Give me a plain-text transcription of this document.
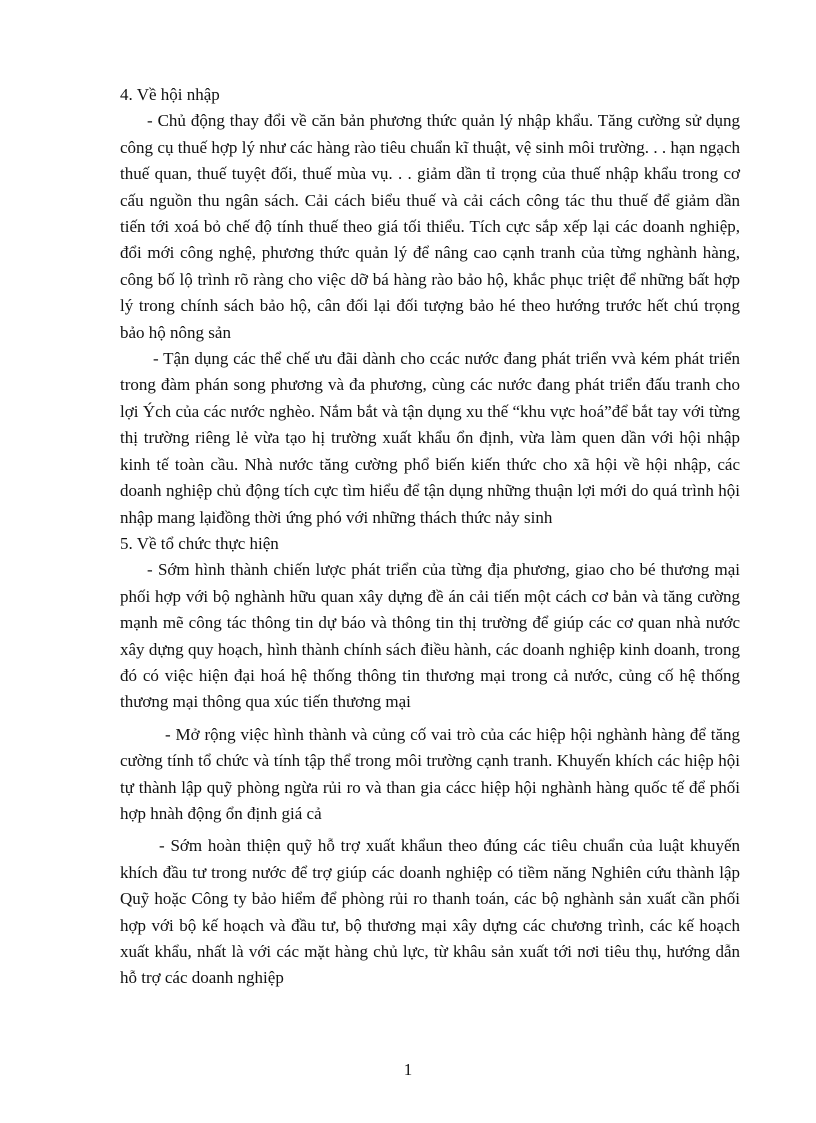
4. Về hội nhập

- Chủ động thay đổi về căn bản phương thức quản lý nhập khẩu. Tăng cường sử dụng công cụ thuế hợp lý như các hàng rào tiêu chuẩn kĩ thuật, vệ sinh môi trường. . . hạn ngạch thuế quan, thuế tuyệt đối, thuế mùa vụ. . . giảm dần tỉ trọng của thuế nhập khẩu trong cơ cấu nguồn thu ngân sách. Cải cách biểu thuế và cải cách công tác thu thuế để giảm dần tiến tới xoá bỏ chế độ tính thuế theo giá tối thiểu. Tích cực sắp xếp lại các doanh nghiệp, đổi mới công nghệ, phương thức quản lý để nâng cao cạnh tranh của từng nghành hàng, công bố lộ trình rõ ràng cho việc dỡ bá hàng rào bảo hộ, khắc phục triệt để những bất hợp lý trong chính sách bảo hộ, cân đối lại đối tượng bảo hé theo hướng trước hết chú trọng bảo hộ nông sản

- Tận dụng các thể chế ưu đãi dành cho ccác nước đang phát triển vvà kém phát triển trong đàm phán song phương và đa phương, cùng các nước đang phát triển đấu tranh cho lợi Ých của các nước nghèo. Nắm bắt và tận dụng xu thế “khu vực hoá”để bắt tay với từng thị trường riêng lẻ vừa tạo hị trường xuất khẩu ổn định, vừa làm quen dần với hội nhập kinh tế toàn cầu. Nhà nước tăng cường phổ biến kiến thức cho xã hội về hội nhập, các doanh nghiệp chủ động tích cực tìm hiểu để tận dụng những thuận lợi mới do quá trình hội nhập mang lạiđồng thời ứng phó với những thách thức nảy sinh

5. Về tổ chức thực hiện

- Sớm hình thành chiến lược phát triển của từng địa phương, giao cho bé thương mại phối hợp với bộ nghành hữu quan xây dựng đề án cải tiến một cách cơ bản và tăng cường mạnh mẽ công tác thông tin dự báo và thông tin thị trường để giúp các cơ quan nhà nước xây dựng quy hoạch, hình thành chính sách điều hành, các doanh nghiệp kinh doanh, trong đó có việc hiện đại hoá hệ thống thông tin thương mại trong cả nước, củng cố hệ thống thương mại thông qua xúc tiến thương mại

- Mở rộng việc hình thành và củng cố vai trò của các hiệp hội nghành hàng để tăng cường tính tổ chức và tính tập thể trong môi trường cạnh tranh. Khuyến khích các hiệp hội tự thành lập quỹ phòng ngừa rủi ro và than gia cácc hiệp hội nghành hàng quốc tế để phối hợp hnàh động ổn định giá cả

- Sớm hoàn thiện quỹ hỗ trợ xuất khẩun theo đúng các tiêu chuẩn của luật khuyến khích đầu tư trong nước để trợ giúp các doanh nghiệp có tiềm năng Nghiên cứu thành lập Quỹ hoặc Công ty bảo hiểm để phòng rủi ro thanh toán, các bộ nghành sản xuất cần phối hợp với bộ kế hoạch và đầu tư, bộ thương mại xây dựng các chương trình, các kế hoạch xuất khẩu, nhất là với các mặt hàng chủ lực, từ khâu sản xuất tới nơi tiêu thụ, hướng dẫn hỗ trợ các doanh nghiệp

1
